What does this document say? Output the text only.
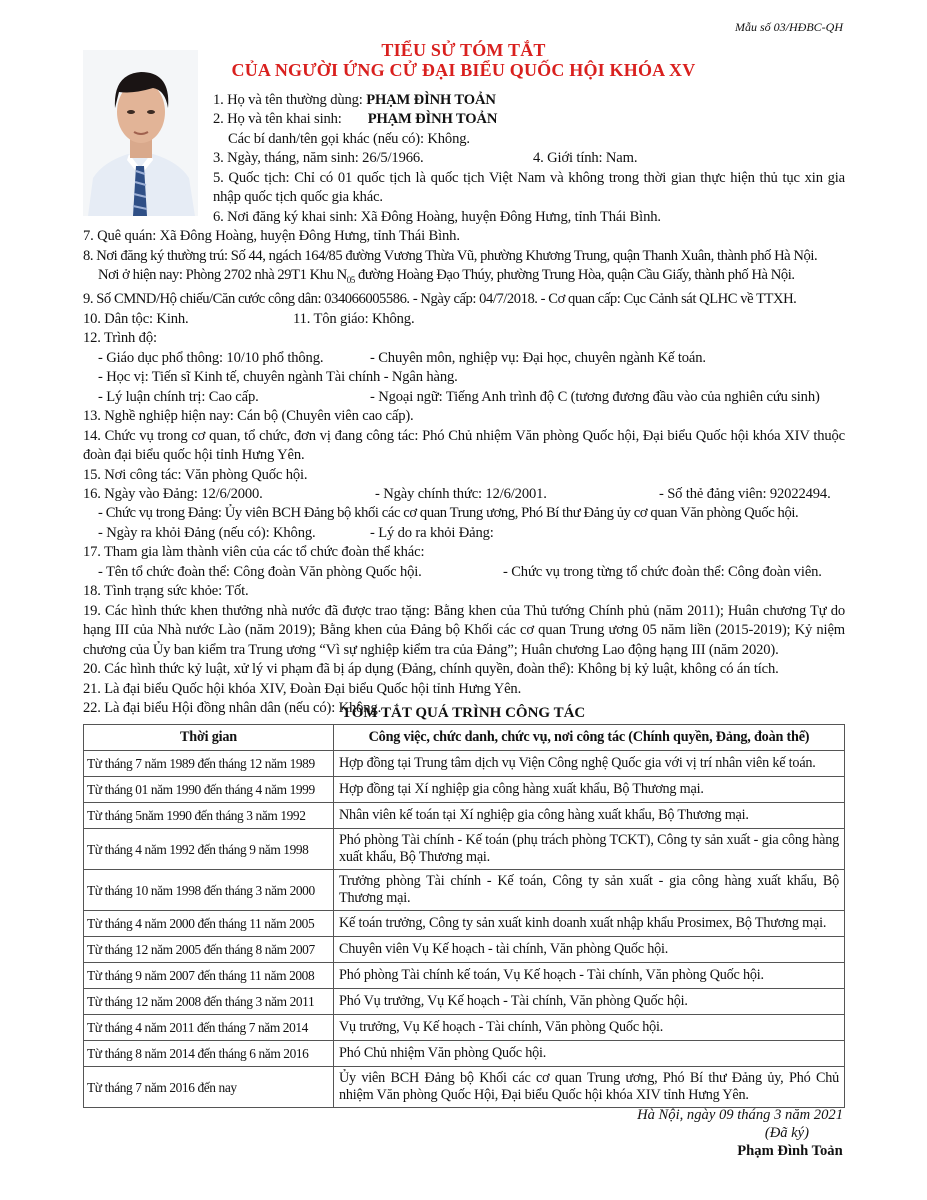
Mẫu số 03/HĐBC-QH
TIỂU SỬ TÓM TẮT
CỦA NGƯỜI ỨNG CỬ ĐẠI BIỂU QUỐC HỘI KHÓA XV

1. Họ và tên thường dùng: PHẠM ĐÌNH TOẢN

2. Họ và tên khai sinh: PHẠM ĐÌNH TOẢN

Các bí danh/tên gọi khác (nếu có): Không.

3. Ngày, tháng, năm sinh: 26/5/1966.	4. Giới tính: Nam.

5. Quốc tịch: Chỉ có 01 quốc tịch là quốc tịch Việt Nam và không trong thời gian thực hiện thủ tục xin gia nhập quốc tịch quốc gia khác.

6. Nơi đăng ký khai sinh: Xã Đông Hoàng, huyện Đông Hưng, tỉnh Thái Bình.

7. Quê quán: Xã Đông Hoàng, huyện Đông Hưng, tỉnh Thái Bình.

8. Nơi đăng ký thường trú: Số 44, ngách 164/85 đường Vương Thừa Vũ, phường Khương Trung, quận Thanh Xuân, thành phố Hà Nội.

Nơi ở hiện nay: Phòng 2702 nhà 29T1 Khu $N_{05}$ đường Hoàng Đạo Thúy, phường Trung Hòa, quận Cầu Giấy, thành phố Hà Nội.

9. Số CMND/Hộ chiếu/Căn cước công dân: 034066005586. - Ngày cấp: 04/7/2018. - Cơ quan cấp: Cục Cảnh sát QLHC về TTXH.

10. Dân tộc: Kinh.	11. Tôn giáo: Không.

12. Trình độ:

- Giáo dục phổ thông: 10/10 phổ thông.	- Chuyên môn, nghiệp vụ: Đại học, chuyên ngành Kế toán.

- Học vị: Tiến sĩ Kinh tế, chuyên ngành Tài chính - Ngân hàng.

- Lý luận chính trị: Cao cấp.	- Ngoại ngữ: Tiếng Anh trình độ C (tương đương đầu vào của nghiên cứu sinh)

13. Nghề nghiệp hiện nay: Cán bộ (Chuyên viên cao cấp).

14. Chức vụ trong cơ quan, tổ chức, đơn vị đang công tác: Phó Chủ nhiệm Văn phòng Quốc hội, Đại biểu Quốc hội khóa XIV thuộc đoàn đại biểu quốc hội tỉnh Hưng Yên.

15. Nơi công tác: Văn phòng Quốc hội.

16. Ngày vào Đảng: 12/6/2000.	- Ngày chính thức: 12/6/2001.	- Số thẻ đảng viên: 92022494.

- Chức vụ trong Đảng: Ủy viên BCH Đảng bộ khối các cơ quan Trung ương, Phó Bí thư Đảng ủy cơ quan Văn phòng Quốc hội.

- Ngày ra khỏi Đảng (nếu có): Không.	- Lý do ra khỏi Đảng:

17. Tham gia làm thành viên của các tổ chức đoàn thể khác:

- Tên tổ chức đoàn thể: Công đoàn Văn phòng Quốc hội.	- Chức vụ trong từng tổ chức đoàn thể: Công đoàn viên.

18. Tình trạng sức khỏe: Tốt.

19. Các hình thức khen thưởng nhà nước đã được trao tặng: Bằng khen của Thủ tướng Chính phủ (năm 2011); Huân chương Tự do hạng III của Nhà nước Lào (năm 2019); Bằng khen của Đảng bộ Khối các cơ quan Trung ương 05 năm liền (2015-2019); Kỷ niệm chương của Ủy ban kiểm tra Trung ương “Vì sự nghiệp kiểm tra của Đảng”; Huân chương Lao động hạng III (năm 2020).

20. Các hình thức kỷ luật, xử lý vi phạm đã bị áp dụng (Đảng, chính quyền, đoàn thể): Không bị kỷ luật, không có án tích.

21. Là đại biểu Quốc hội khóa XIV, Đoàn Đại biểu Quốc hội tỉnh Hưng Yên.

22. Là đại biểu Hội đồng nhân dân (nếu có): Không.

TÓM TẮT QUÁ TRÌNH CÔNG TÁC
Thời gian	Công việc, chức danh, chức vụ, nơi công tác (Chính quyền, Đảng, đoàn thể)
Từ tháng 7 năm 1989 đến tháng 12 năm 1989	Hợp đồng tại Trung tâm dịch vụ Viện Công nghệ Quốc gia với vị trí nhân viên kế toán.
Từ tháng 01 năm 1990 đến tháng 4 năm 1999	Hợp đồng tại Xí nghiệp gia công hàng xuất khẩu, Bộ Thương mại.
Từ tháng 5năm 1990 đến tháng 3 năm 1992	Nhân viên kế toán tại Xí nghiệp gia công hàng xuất khẩu, Bộ Thương mại.
Từ tháng 4 năm 1992 đến tháng 9 năm 1998	Phó phòng Tài chính - Kế toán (phụ trách phòng TCKT), Công ty sản xuất - gia công hàng xuất khẩu, Bộ Thương mại.
Từ tháng 10 năm 1998 đến tháng 3 năm 2000	Trưởng phòng Tài chính - Kế toán, Công ty sản xuất - gia công hàng xuất khẩu, Bộ Thương mại.
Từ tháng 4 năm 2000 đến tháng 11 năm 2005	Kế toán trưởng, Công ty sản xuất kinh doanh xuất nhập khẩu Prosimex, Bộ Thương mại.
Từ tháng 12 năm 2005 đến tháng 8 năm 2007	Chuyên viên Vụ Kế hoạch - tài chính, Văn phòng Quốc hội.
Từ tháng 9 năm 2007 đến tháng 11 năm 2008	Phó phòng Tài chính kế toán, Vụ Kế hoạch - Tài chính, Văn phòng Quốc hội.
Từ tháng 12 năm 2008 đến tháng 3 năm 2011	Phó Vụ trưởng, Vụ Kế hoạch - Tài chính, Văn phòng Quốc hội.
Từ tháng 4 năm 2011 đến tháng 7 năm 2014	Vụ trưởng, Vụ Kế hoạch - Tài chính, Văn phòng Quốc hội.
Từ tháng 8 năm 2014 đến tháng 6 năm 2016	Phó Chủ nhiệm Văn phòng Quốc hội.
Từ tháng 7 năm 2016 đến nay	Ủy viên BCH Đảng bộ Khối các cơ quan Trung ương, Phó Bí thư Đảng ủy, Phó Chủ nhiệm Văn phòng Quốc Hội, Đại biểu Quốc hội khóa XIV tỉnh Hưng Yên.
Hà Nội, ngày 09 tháng 3 năm 2021
(Đã ký)
Phạm Đình Toản
